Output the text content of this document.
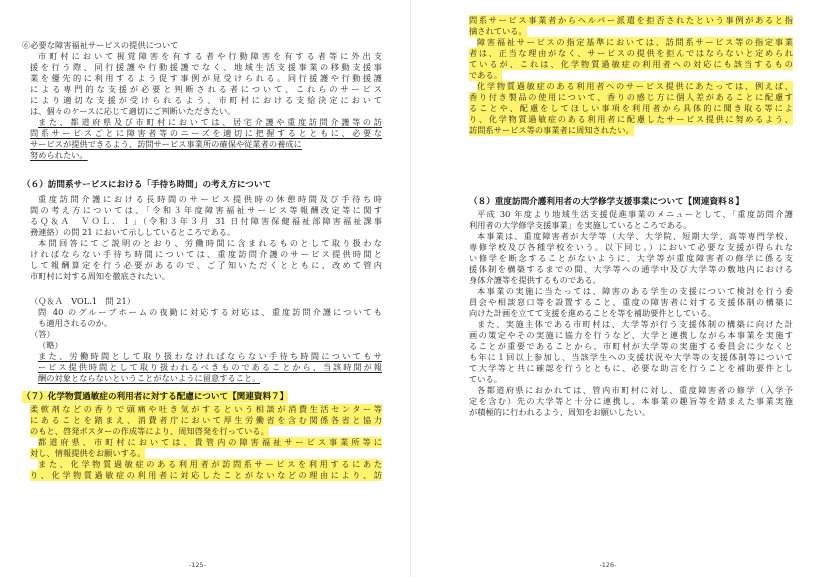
⑥必要な障害福祉サービスの提供について
市町村において視覚障害を有する者や行動障害を有する者等に外出支
援を行う際、同行援護や行動援護でなく、地域生活支援事業の移動支援事
業を優先的に利用するよう促す事例が見受けられる。同行援護や行動援護
による専門的な支援が必要と判断される者について、これらのサービス
により適切な支援が受けられるよう、市町村における支給決定において
は、個々のケースに応じて適切にご判断いただきたい。
また、都道府県及び市町村においては、居宅介護や重度訪問介護等の訪
問系サービスごとに障害者等のニーズを適切に把握するとともに、必要な
サービスが提供できるよう、訪問サービス事業所の確保や従業者の養成に
努められたい。
（６）訪問系サービスにおける「手待ち時間」の考え方について
重度訪問介護における長時間のサービス提供時の休憩時間及び手待ち時
間の考え方については、「令和３年度障害福祉サービス等報酬改定等に関す
るＱ＆Ａ　ＶＯＬ．１」（令和３年３月 31 日付障害保健福祉部障害福祉課事
務連絡）の問 21 において示ししているところである。
本問回答にてご説明のとおり、労働時間に含まれるものとして取り扱わな
ければならない手待ち時間については、重度訪問介護のサービス提供時間と
して報酬算定を行う必要があるので、ご了知いただくとともに、改めて管内
市町村に対する周知を徹底されたい。
（Ｑ＆Ａ　VOL.1　問 21）
問 40 のグループホームの夜勤に対応する対応は、重度訪問介護についても
も適用されるのか。
（答）
（略）
また、労働時間として取り扱わなければならない手待ち時間についてもサ
ービス提供時間として取り扱われるべきものであることから、当該時間が報
酬の対象とならないということがないように留意すること。
（７）化学物質過敏症の利用者に対する配慮について【関連資料７】
柔軟剤などの香りで頭痛や吐き気がするという相談が消費生活センター等
にあることを踏まえ、消費者庁において厚生労働省を含む関係各省と協力
のもと、啓発ポスターの作成等により、周知啓発を行っている。
都道府県、市町村においては、貴管内の障害福祉サービス事業所等に
対し、情報提供をお願いする。
また、化学物質過敏症のある利用者が訪問系サービスを利用するにあた
り、化学物質過敏症の利用者に対応したことがないなどの理由により、訪
-125-
問系サービス事業者からヘルパー派遣を拒否されたという事例があると指
摘されている。
障害福祉サービスの指定基準においては、訪問系サービス等の指定事業
者は、正当な理由がなく、サービスの提供を拒んではならないと定められ
ているが、これは、化学物質過敏症の利用者への対応にも該当するもの
である。
化学物質過敏症のある利用者へのサービス提供にあたっては、例えば、
香り付き製品の使用について、香りの感じ方に個人差があることに配慮す
ることや、配慮をしてほしい事項を利用者から具体的に聞き取る等によ
り、化学物質過敏症のある利用者に配慮したサービス提供に努めるよう、
訪問系サービス等の事業者に周知されたい。
（８）重度訪問介護利用者の大学修学支援事業について【関連資料８】
平成 30 年度より地域生活支援促進事業のメニューとして、「重度訪問介護
利用者の大学修学支援事業」を実施しているところである。
本事業は、重度障害者が大学等（大学、大学院、短期大学、高等専門学校、
専修学校及び各種学校をいう。以下同じ。）において必要な支援が得られな
い修学を断念することがないように、大学等が重度障害者の修学に係る支
援体制を構築するまでの間、大学等への通学中及び大学等の敷地内における
身体介護等を提供するものである。
本事業の実施に当たっては、障害のある学生の支援について検討を行う委
員会や相談窓口等を設置すること、重度の障害者に対する支援体制の構築に
向けた計画を立てて支援を進めることを等を補助要件としている。
また、実施主体である市町村は、大学等が行う支援体制の構築に向けた計
画の策定やその実施に協力を行うなど、大学と連携しながら本事業を実施す
ることが重要であることから、市町村が大学等の実施する委員会に少なくと
も年に１回以上参加し、当該学生への支援状況や大学等の支援体制等について
て大学等と共に確認を行うとともに、必要な助言を行うことを補助要件とし
ている。
各都道府県におかれては、管内市町村に対し、重度障害者の修学（入学予
定を含む）先の大学等と十分に連携し、本事業の趣旨等を踏まえた事業実施
が積極的に行われるよう、周知をお願いしたい。
-126-
